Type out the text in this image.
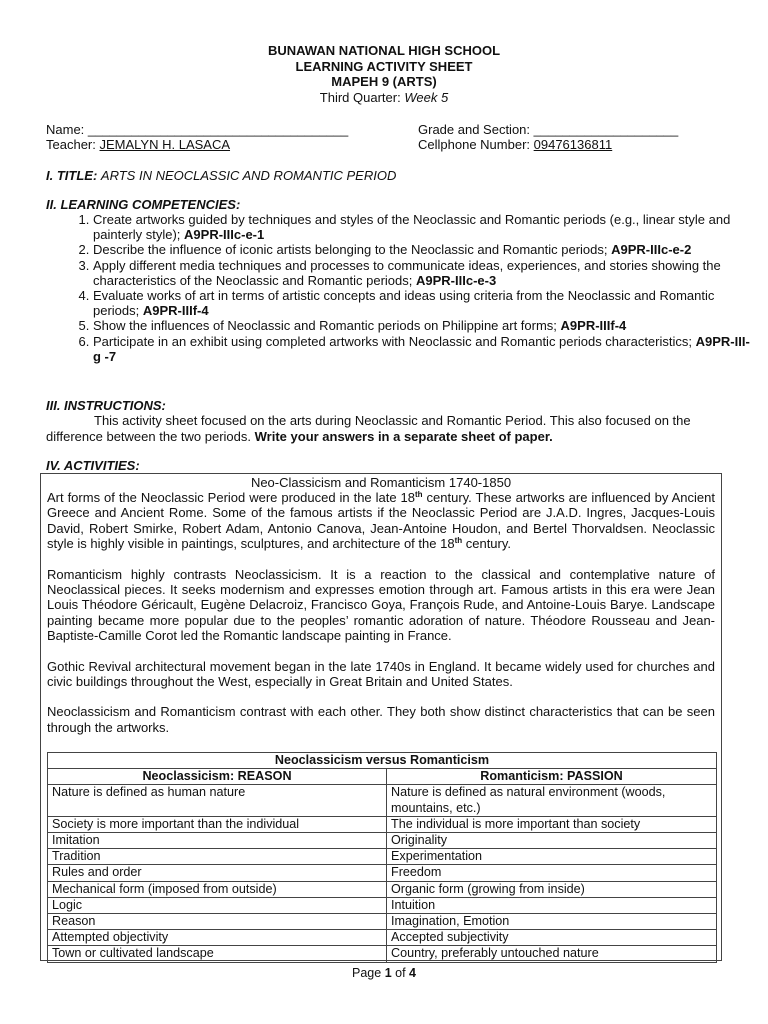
BUNAWAN NATIONAL HIGH SCHOOL
LEARNING ACTIVITY SHEET
MAPEH 9 (ARTS)
Third Quarter: Week 5
Name: ____________________________________	Grade and Section: ____________________
Teacher: JEMALYN H. LASACA	Cellphone Number: 09476136811
I. TITLE: ARTS IN NEOCLASSIC AND ROMANTIC PERIOD
II. LEARNING COMPETENCIES:
1. Create artworks guided by techniques and styles of the Neoclassic and Romantic periods (e.g., linear style and painterly style); A9PR-IIIc-e-1
2. Describe the influence of iconic artists belonging to the Neoclassic and Romantic periods; A9PR-IIIc-e-2
3. Apply different media techniques and processes to communicate ideas, experiences, and stories showing the characteristics of the Neoclassic and Romantic periods; A9PR-IIIc-e-3
4. Evaluate works of art in terms of artistic concepts and ideas using criteria from the Neoclassic and Romantic periods; A9PR-IIIf-4
5. Show the influences of Neoclassic and Romantic periods on Philippine art forms; A9PR-IIIf-4
6. Participate in an exhibit using completed artworks with Neoclassic and Romantic periods characteristics; A9PR-III-g -7
III. INSTRUCTIONS:

This activity sheet focused on the arts during Neoclassic and Romantic Period. This also focused on the difference between the two periods. Write your answers in a separate sheet of paper.

IV. ACTIVITIES:
Neo-Classicism and Romanticism 1740-1850

Art forms of the Neoclassic Period were produced in the late 18th century. These artworks are influenced by Ancient Greece and Ancient Rome. Some of the famous artists if the Neoclassic Period are J.A.D. Ingres, Jacques-Louis David, Robert Smirke, Robert Adam, Antonio Canova, Jean-Antoine Houdon, and Bertel Thorvaldsen. Neoclassic style is highly visible in paintings, sculptures, and architecture of the 18th century.

Romanticism highly contrasts Neoclassicism. It is a reaction to the classical and contemplative nature of Neoclassical pieces. It seeks modernism and expresses emotion through art. Famous artists in this era were Jean Louis Théodore Géricault, Eugène Delacroiz, Francisco Goya, François Rude, and Antoine-Louis Barye. Landscape painting became more popular due to the peoples’ romantic adoration of nature. Théodore Rousseau and Jean-Baptiste-Camille Corot led the Romantic landscape painting in France.

Gothic Revival architectural movement began in the late 1740s in England. It became widely used for churches and civic buildings throughout the West, especially in Great Britain and United States.

Neoclassicism and Romanticism contrast with each other. They both show distinct characteristics that can be seen through the artworks.

Neoclassicism versus Romanticism	
Neoclassicism: REASON	Romanticism: PASSION
Nature is defined as human nature	Nature is defined as natural environment (woods, mountains, etc.)
Society is more important than the individual	The individual is more important than society
Imitation	Originality
Tradition	Experimentation
Rules and order	Freedom
Mechanical form (imposed from outside)	Organic form (growing from inside)
Logic	Intuition
Reason	Imagination, Emotion
Attempted objectivity	Accepted subjectivity
Town or cultivated landscape	Country, preferably untouched nature
Page 1 of 4
